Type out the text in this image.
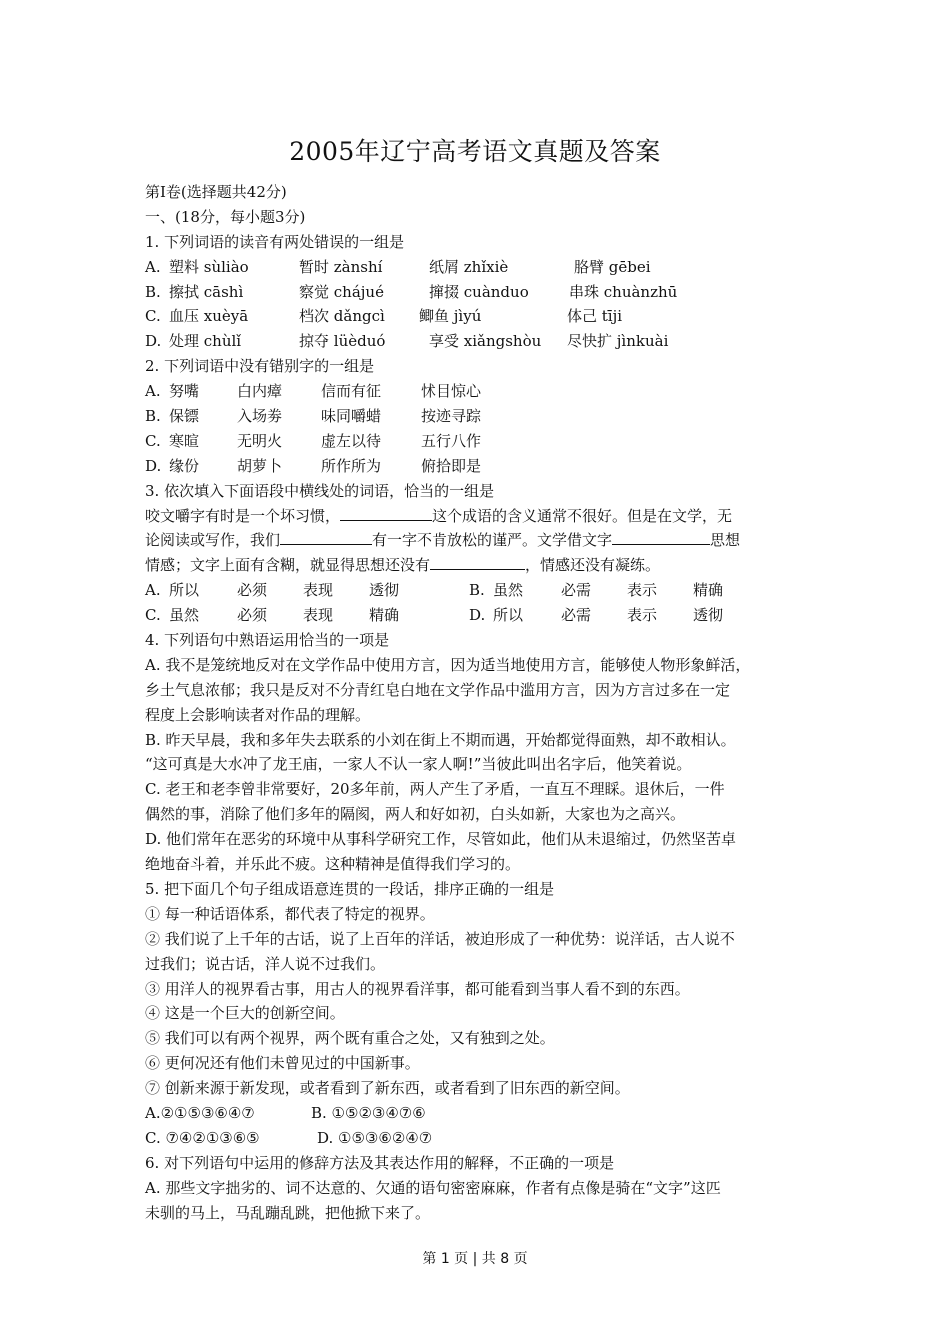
2005年辽宁高考语文真题及答案
第Ⅰ卷(选择题共42分)
一、(18分，每小题3分)
1. 下列词语的读音有两处错误的一组是
A. 塑料 sùliào	暂时 zànshí	纸屑 zhǐxiè	胳臂 gēbei
B. 擦拭 cāshì	察觉 chájué	撺掇 cuànduo	串珠 chuànzhū
C. 血压 xuèyā	档次 dǎngcì	鲫鱼 jìyú	体己 tīji
D. 处理 chùlǐ	掠夺 lüèduó	享受 xiǎngshòu	尽快扩 jìnkuài
2. 下列词语中没有错别字的一组是
A. 努嘴	白内瘴	信而有征	怵目惊心
B. 保镖	入场劵	味同嚼蜡	按迹寻踪
C. 寒暄	无明火	虚左以待	五行八作
D. 缘份	胡萝卜	所作所为	俯拾即是
3. 依次填入下面语段中横线处的词语，恰当的一组是
咬文嚼字有时是一个坏习惯，	这个成语的含义通常不很好。但是在文学，无
论阅读或写作，我们	有一字不肯放松的谨严。文学借文字	思想
情感；文字上面有含糊，就显得思想还没有	，情感还没有凝练。
A. 所以	必须	表现	透彻	B. 虽然	必需	表示	精确
C. 虽然	必须	表现	精确	D. 所以	必需	表示	透彻
4. 下列语句中熟语运用恰当的一项是
A. 我不是笼统地反对在文学作品中使用方言，因为适当地使用方言，能够使人物形象鲜活，
乡土气息浓郁；我只是反对不分青红皂白地在文学作品中滥用方言，因为方言过多在一定
程度上会影响读者对作品的理解。
B. 昨天早晨，我和多年失去联系的小刘在街上不期而遇，开始都觉得面熟，却不敢相认。
“这可真是大水冲了龙王庙，一家人不认一家人啊!”当彼此叫出名字后，他笑着说。
C. 老王和老李曾非常要好，20多年前，两人产生了矛盾，一直互不理睬。退休后，一件
偶然的事，消除了他们多年的隔阂，两人和好如初，白头如新，大家也为之高兴。
D. 他们常年在恶劣的环境中从事科学研究工作，尽管如此，他们从未退缩过，仍然坚苦卓
绝地奋斗着，并乐此不疲。这种精神是值得我们学习的。
5. 把下面几个句子组成语意连贯的一段话，排序正确的一组是
① 每一种话语体系，都代表了特定的视界。
② 我们说了上千年的古话，说了上百年的洋话，被迫形成了一种优势：说洋话，古人说不
过我们；说古话，洋人说不过我们。
③ 用洋人的视界看古事，用古人的视界看洋事，都可能看到当事人看不到的东西。
④ 这是一个巨大的创新空间。
⑤ 我们可以有两个视界，两个既有重合之处，又有独到之处。
⑥ 更何况还有他们未曾见过的中国新事。
⑦ 创新来源于新发现，或者看到了新东西，或者看到了旧东西的新空间。
A.②①⑤③⑥④⑦	B. ①⑤②③④⑦⑥
C. ⑦④②①③⑥⑤	D. ①⑤③⑥②④⑦
6. 对下列语句中运用的修辞方法及其表达作用的解释，不正确的一项是
A. 那些文字拙劣的、词不达意的、欠通的语句密密麻麻，作者有点像是骑在“文字”这匹
未驯的马上，马乱蹦乱跳，把他掀下来了。
第 1 页 | 共 8 页
